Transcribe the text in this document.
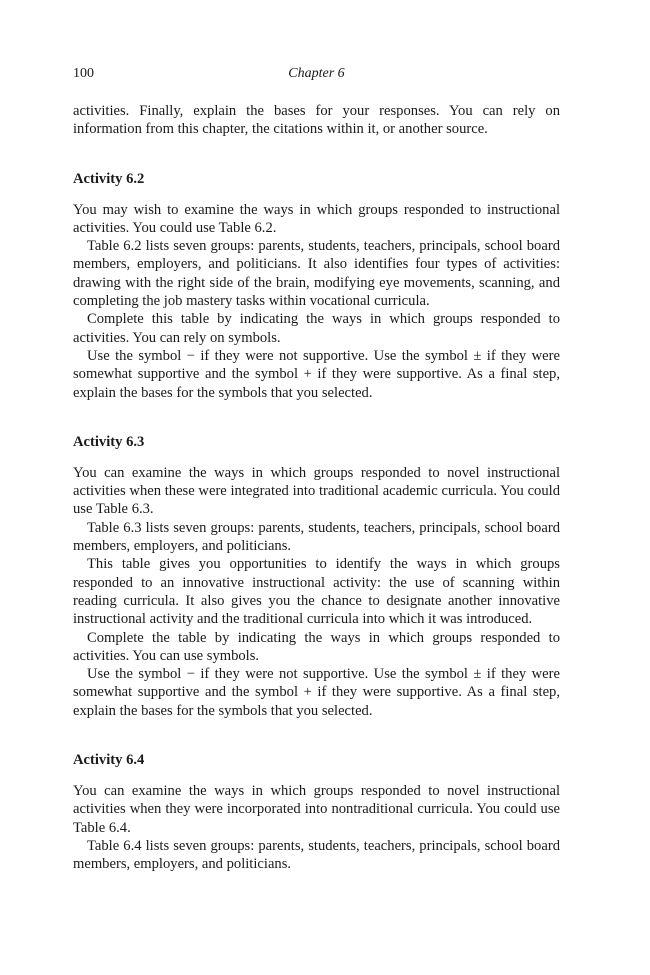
100	Chapter 6

activities. Finally, explain the bases for your responses. You can rely on information from this chapter, the citations within it, or another source.

Activity 6.2

You may wish to examine the ways in which groups responded to instructional activities. You could use Table 6.2.

Table 6.2 lists seven groups: parents, students, teachers, principals, school board members, employers, and politicians. It also identifies four types of activities: drawing with the right side of the brain, modifying eye movements, scanning, and completing the job mastery tasks within vocational curricula.

Complete this table by indicating the ways in which groups responded to activities. You can rely on symbols.

Use the symbol − if they were not supportive. Use the symbol ± if they were somewhat supportive and the symbol + if they were supportive. As a final step, explain the bases for the symbols that you selected.

Activity 6.3

You can examine the ways in which groups responded to novel instructional activities when these were integrated into traditional academic curricula. You could use Table 6.3.

Table 6.3 lists seven groups: parents, students, teachers, principals, school board members, employers, and politicians.

This table gives you opportunities to identify the ways in which groups responded to an innovative instructional activity: the use of scanning within reading curricula. It also gives you the chance to designate another innovative instructional activity and the traditional curricula into which it was introduced.

Complete the table by indicating the ways in which groups responded to activities. You can use symbols.

Use the symbol − if they were not supportive. Use the symbol ± if they were somewhat supportive and the symbol + if they were supportive. As a final step, explain the bases for the symbols that you selected.

Activity 6.4

You can examine the ways in which groups responded to novel instructional activities when they were incorporated into nontraditional curricula. You could use Table 6.4.

Table 6.4 lists seven groups: parents, students, teachers, principals, school board members, employers, and politicians.
